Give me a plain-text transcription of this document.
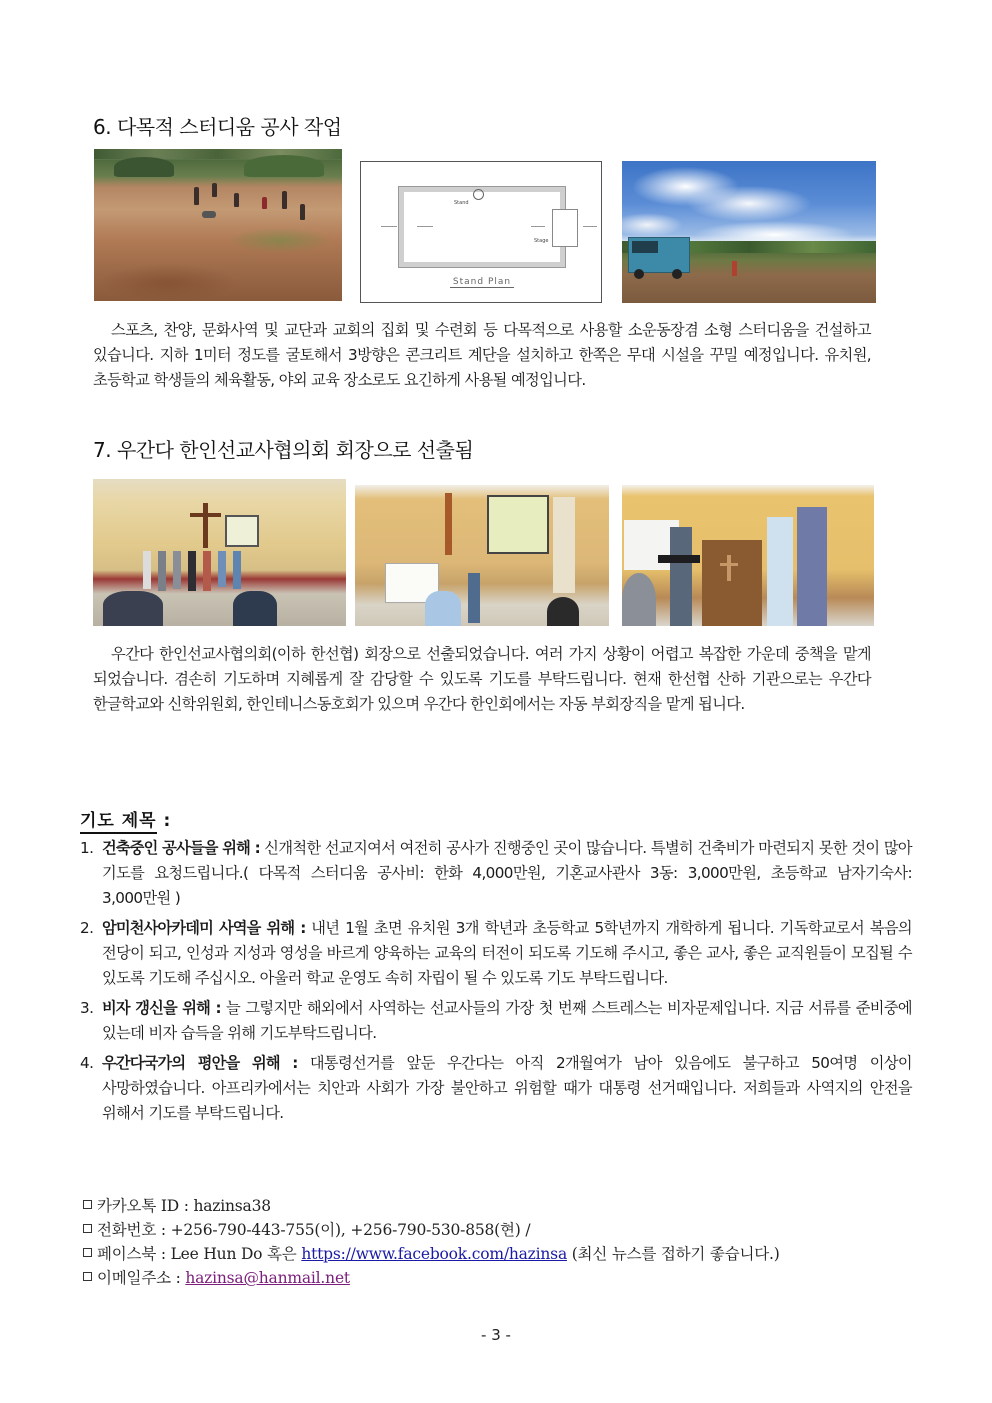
6. 다목적 스터디움 공사 작업
Stand
Stage
Stand Plan
스포츠, 찬양, 문화사역 및 교단과 교회의 집회 및 수련회 등 다목적으로 사용할 소운동장겸 소형 스터디움을 건설하고 있습니다. 지하 1미터 정도를 굴토해서 3방향은 콘크리트 계단을 설치하고 한쪽은 무대 시설을 꾸밀 예정입니다. 유치원, 초등학교 학생들의 체육활동, 야외 교육 장소로도 요긴하게 사용될 예정입니다.
7. 우간다 한인선교사협의회 회장으로 선출됨
우간다 한인선교사협의회(이하 한선협) 회장으로 선출되었습니다. 여러 가지 상황이 어렵고 복잡한 가운데 중책을 맡게 되었습니다. 겸손히 기도하며 지혜롭게 잘 감당할 수 있도록 기도를 부탁드립니다. 현재 한선협 산하 기관으로는 우간다 한글학교와 신학위원회, 한인테니스동호회가 있으며 우간다 한인회에서는 자동 부회장직을 맡게 됩니다.
기도 제목 :
1. 건축중인 공사들을 위해 : 신개척한 선교지여서 여전히 공사가 진행중인 곳이 많습니다. 특별히 건축비가 마련되지 못한 것이 많아 기도를 요청드립니다.( 다목적 스터디움 공사비: 한화 4,000만원, 기혼교사관사 3동: 3,000만원, 초등학교 남자기숙사: 3,000만원 )
2. 암미천사아카데미 사역을 위해 : 내년 1월 초면 유치원 3개 학년과 초등학교 5학년까지 개학하게 됩니다. 기독학교로서 복음의 전당이 되고, 인성과 지성과 영성을 바르게 양육하는 교육의 터전이 되도록 기도해 주시고, 좋은 교사, 좋은 교직원들이 모집될 수 있도록 기도해 주십시오. 아울러 학교 운영도 속히 자립이 될 수 있도록 기도 부탁드립니다.
3. 비자 갱신을 위해 : 늘 그렇지만 해외에서 사역하는 선교사들의 가장 첫 번째 스트레스는 비자문제입니다. 지금 서류를 준비중에 있는데 비자 습득을 위해 기도부탁드립니다.
4. 우간다국가의 평안을 위해 : 대통령선거를 앞둔 우간다는 아직 2개월여가 남아 있음에도 불구하고 50여명 이상이 사망하였습니다. 아프리카에서는 치안과 사회가 가장 불안하고 위험할 때가 대통령 선거때입니다. 저희들과 사역지의 안전을 위해서 기도를 부탁드립니다.
카카오톡 ID : hazinsa38
전화번호 : +256-790-443-755(이), +256-790-530-858(현) /
페이스북 : Lee Hun Do 혹은 https://www.facebook.com/hazinsa (최신 뉴스를 접하기 좋습니다.)
이메일주소 : hazinsa@hanmail.net
- 3 -
